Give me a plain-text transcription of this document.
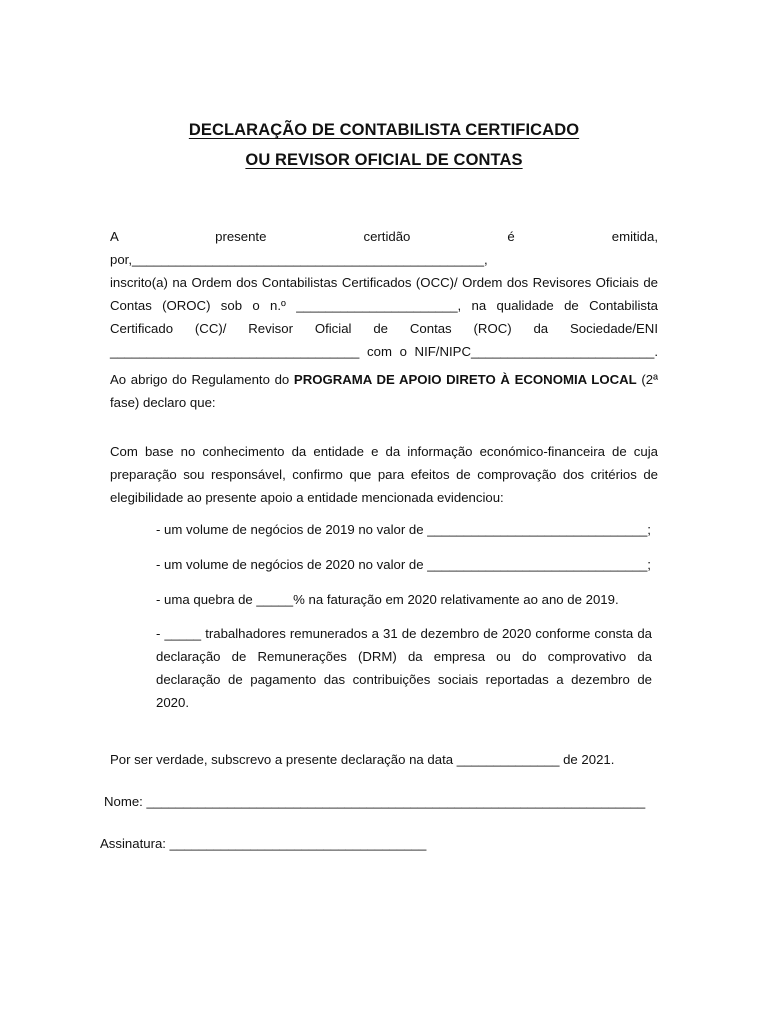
DECLARAÇÃO DE CONTABILISTA CERTIFICADO
OU REVISOR OFICIAL DE CONTAS
A presente certidão é emitida, por,________________________________________________,
inscrito(a) na Ordem dos Contabilistas Certificados (OCC)/ Ordem dos Revisores Oficiais de
Contas (OROC) sob o n.º ______________________, na qualidade de Contabilista
Certificado (CC)/ Revisor Oficial de Contas (ROC) da Sociedade/ENI
__________________________________ com o NIF/NIPC_________________________.
Ao abrigo do Regulamento do PROGRAMA DE APOIO DIRETO À ECONOMIA LOCAL (2ª fase) declaro que:
Com base no conhecimento da entidade e da informação económico-financeira de cuja preparação sou responsável, confirmo que para efeitos de comprovação dos critérios de elegibilidade ao presente apoio a entidade mencionada evidenciou:
- um volume de negócios de 2019 no valor de ______________________________;
- um volume de negócios de 2020 no valor de ______________________________;
- uma quebra de _____% na faturação em 2020 relativamente ao ano de 2019.
- _____ trabalhadores remunerados a 31 de dezembro de 2020 conforme consta da declaração de Remunerações (DRM) da empresa ou do comprovativo da declaração de pagamento das contribuições sociais reportadas a dezembro de 2020.
Por ser verdade, subscrevo a presente declaração na data ______________ de 2021.
Nome: ____________________________________________________________________
Assinatura: ___________________________________
